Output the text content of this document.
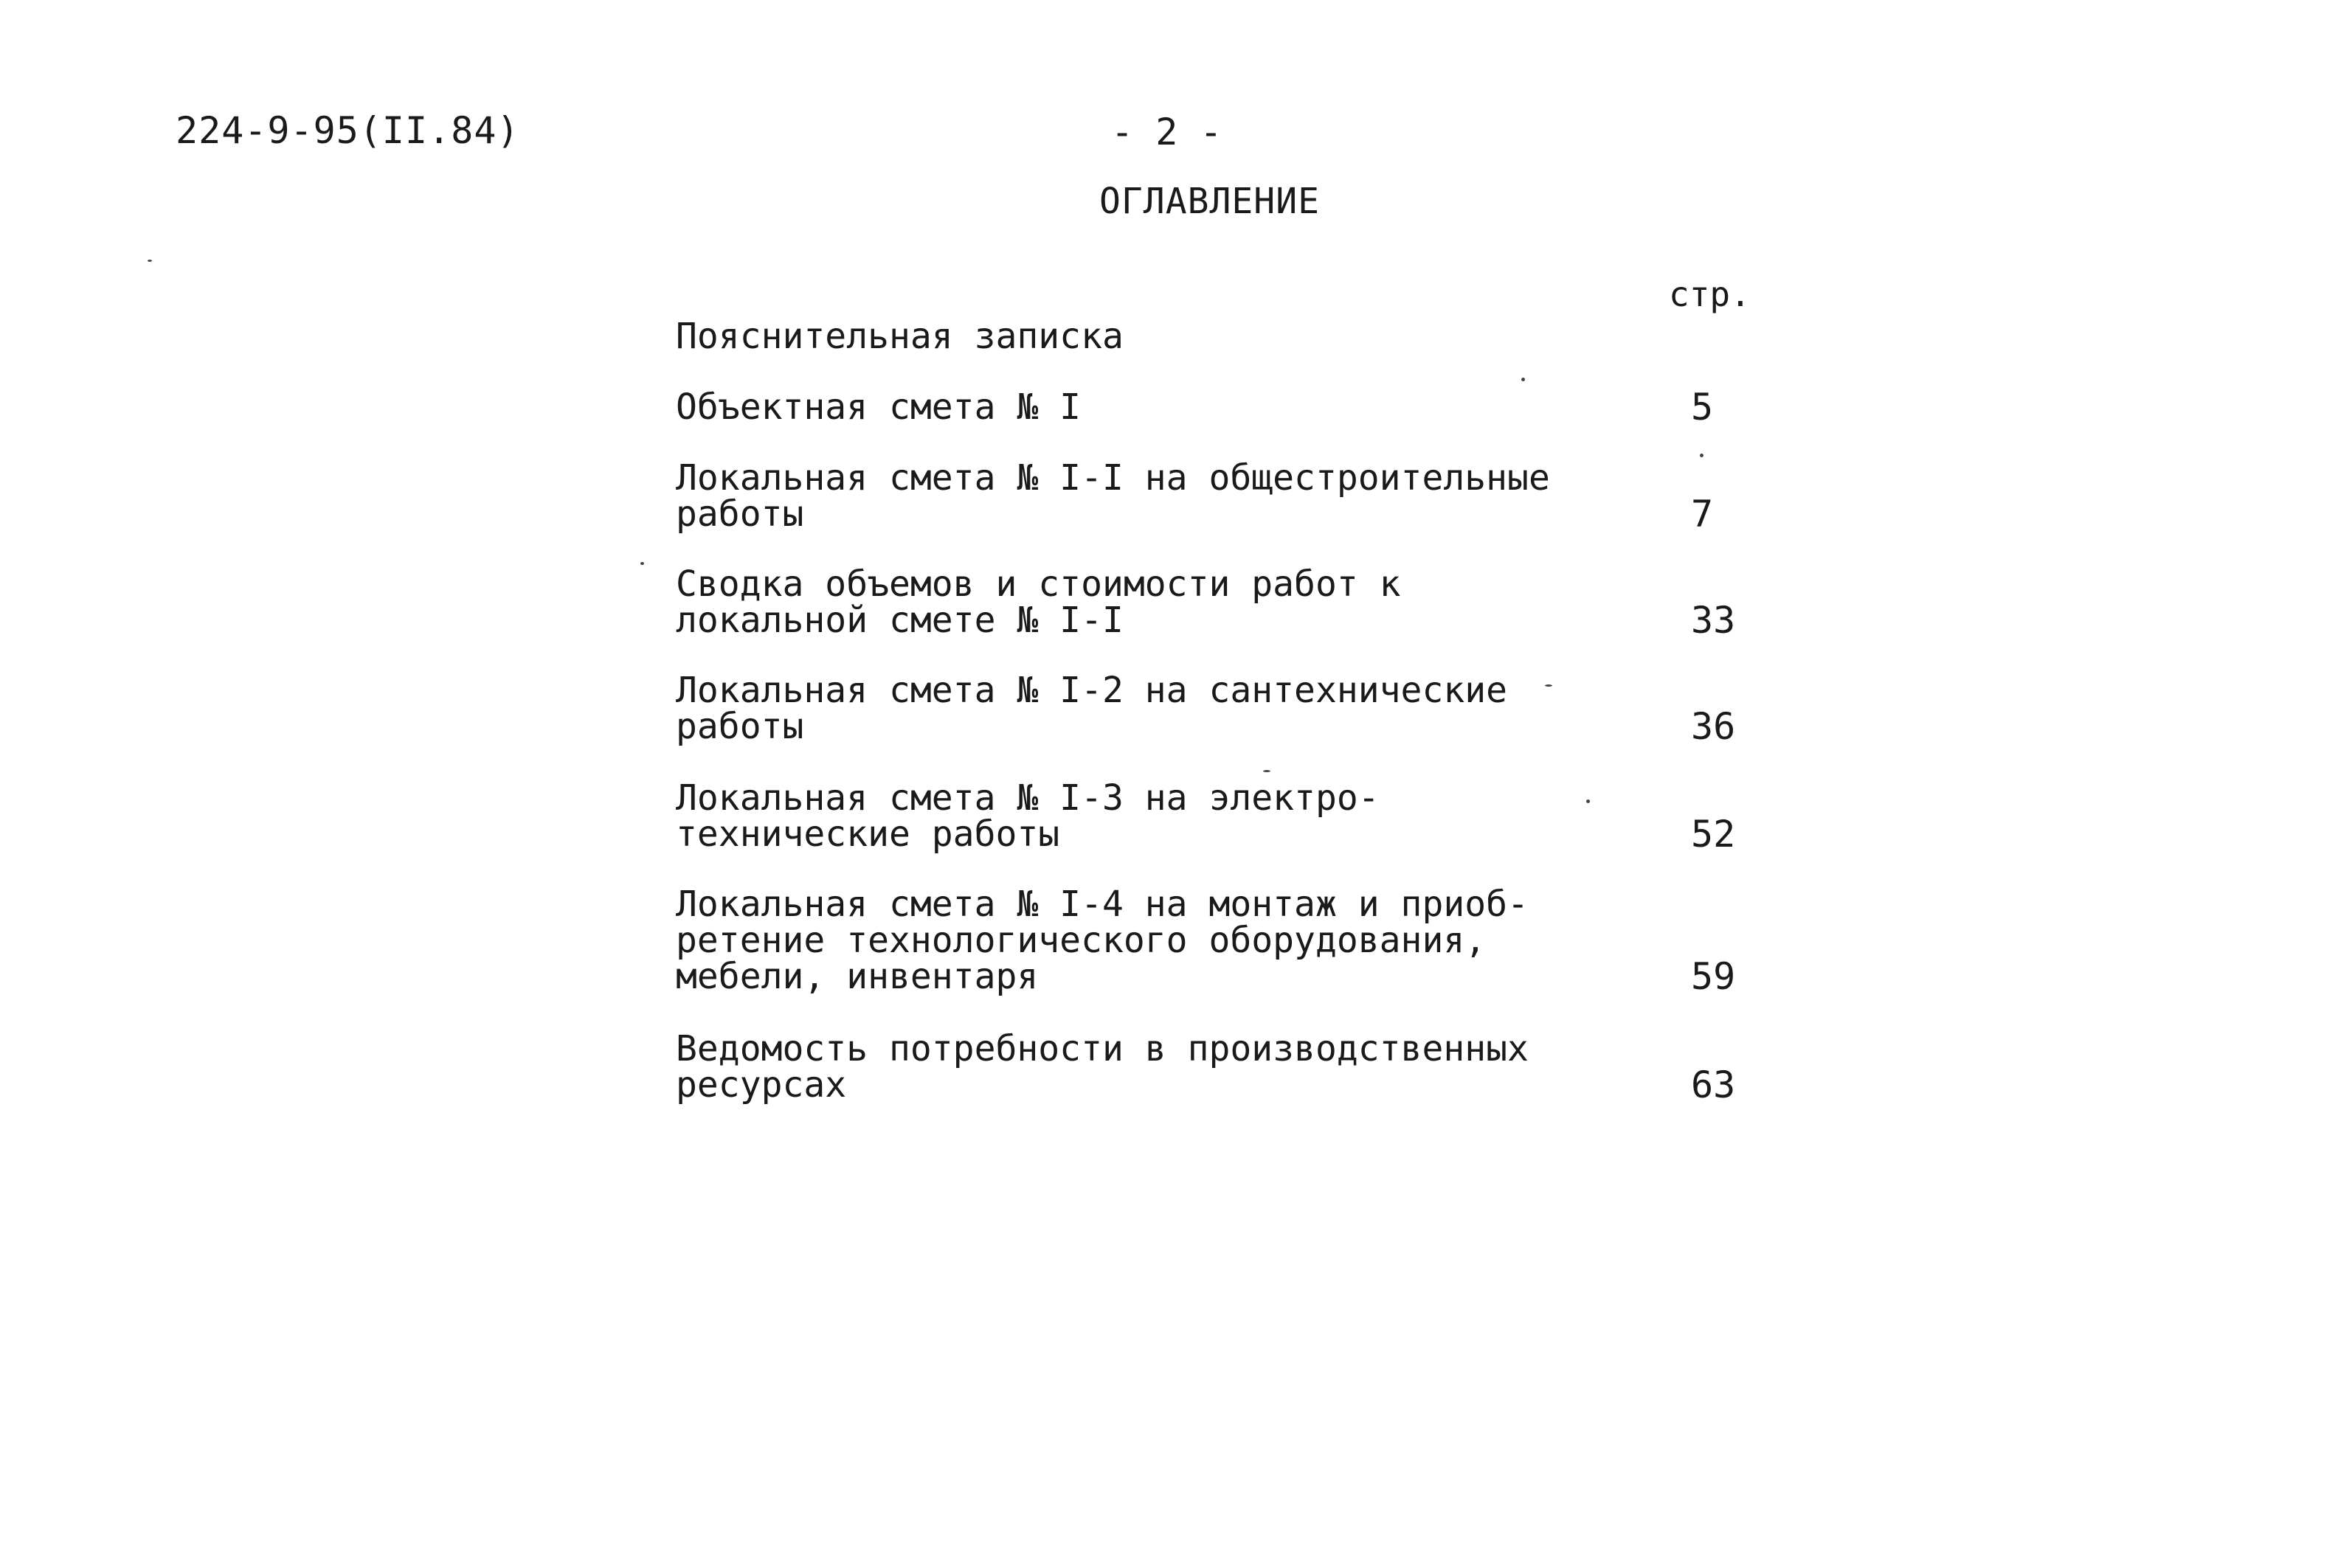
224-9-95(II.84)	- 2 -
ОГЛАВЛЕНИЕ
стр.
Пояснительная записка
Объектная смета № I	5
Локальная смета № I-I на общестроительные
работы	7
Сводка объемов и стоимости работ к
локальной смете № I-I	33
Локальная смета № I-2 на сантехнические
работы	36
Локальная смета № I-3 на электро-
технические работы	52
Локальная смета № I-4 на монтаж и приоб-
ретение технологического оборудования,
мебели, инвентаря	59
Ведомость потребности в производственных
ресурсах	63
